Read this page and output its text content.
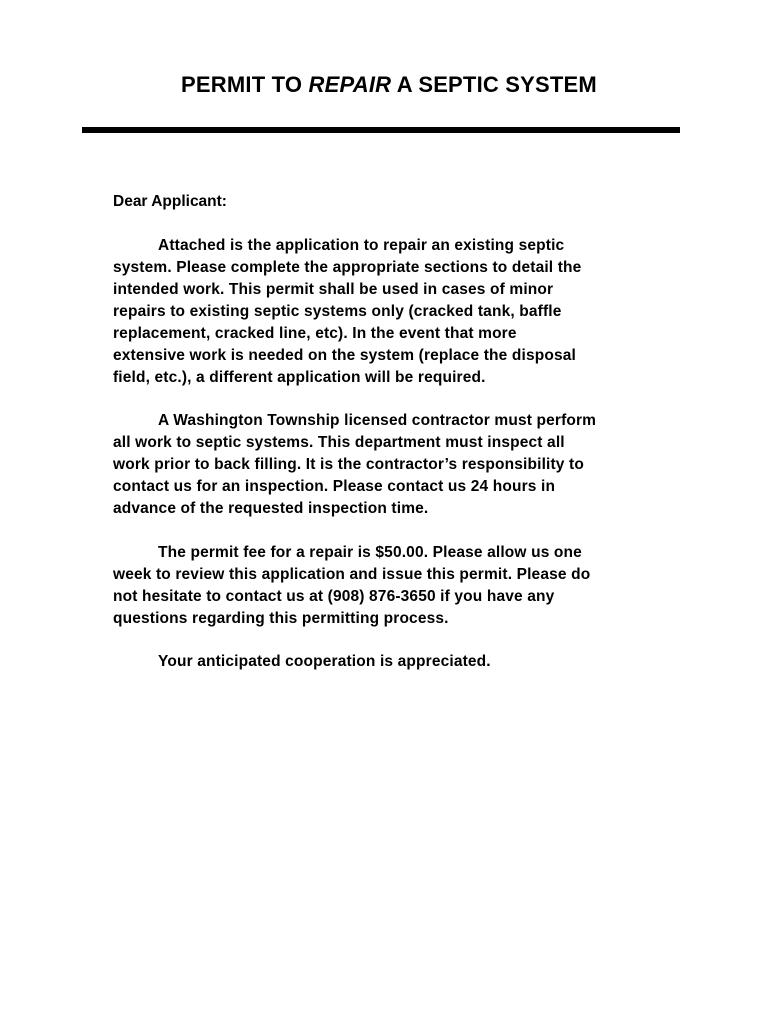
PERMIT TO REPAIR A SEPTIC SYSTEM
Dear Applicant:
Attached is the application to repair an existing septic
system. Please complete the appropriate sections to detail the
intended work. This permit shall be used in cases of minor
repairs to existing septic systems only (cracked tank, baffle
replacement, cracked line, etc). In the event that more
extensive work is needed on the system (replace the disposal
field, etc.), a different application will be required.
A Washington Township licensed contractor must perform
all work to septic systems. This department must inspect all
work prior to back filling. It is the contractor’s responsibility to
contact us for an inspection. Please contact us 24 hours in
advance of the requested inspection time.
The permit fee for a repair is $50.00. Please allow us one
week to review this application and issue this permit. Please do
not hesitate to contact us at (908) 876-3650 if you have any
questions regarding this permitting process.
Your anticipated cooperation is appreciated.
